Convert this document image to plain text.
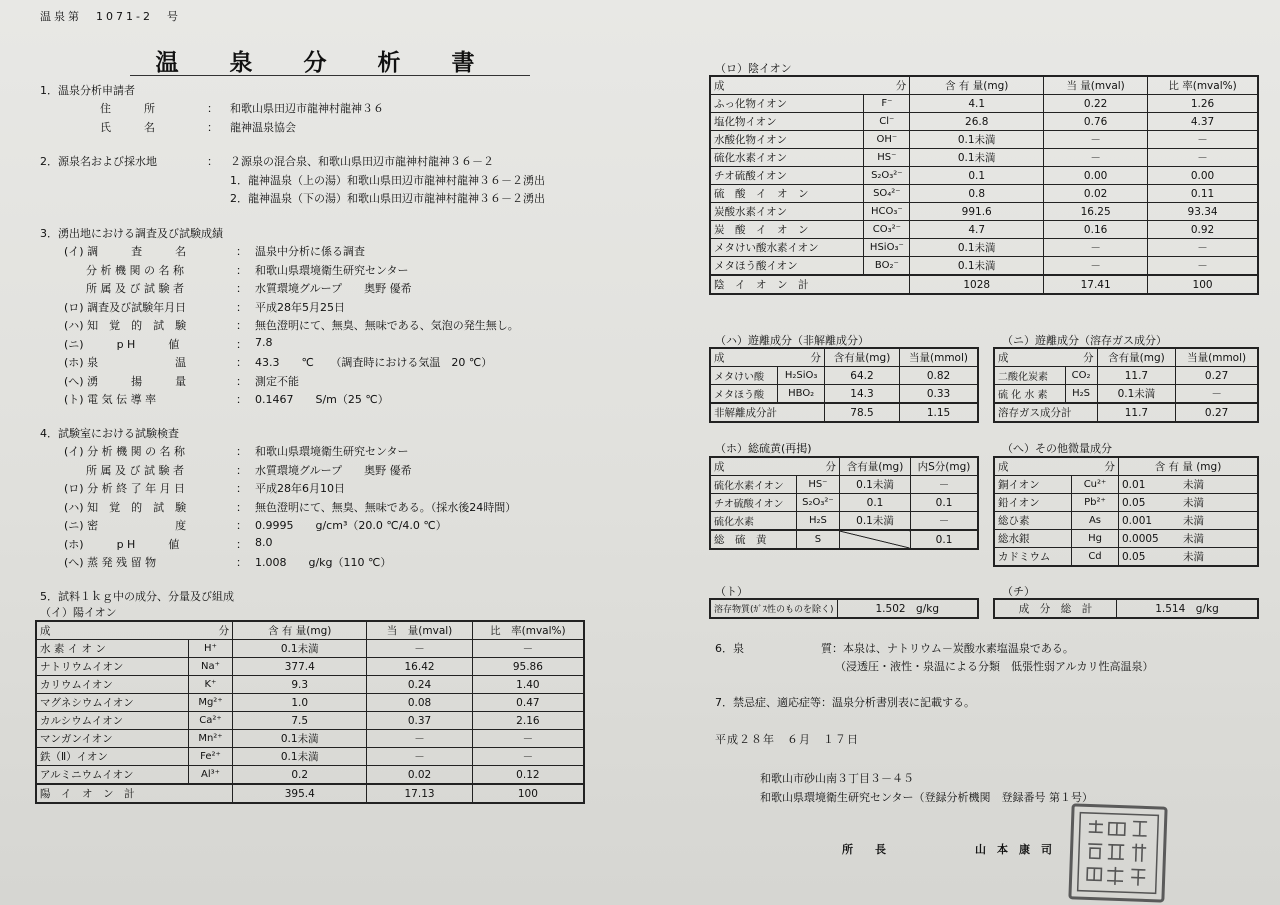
温泉第　1071-2　号
温 泉 分 析 書
1．温泉分析申請者
住　　　所	： 和歌山県田辺市龍神村龍神３６
氏　　　名	： 龍神温泉協会
2．源泉名および採水地	： ２源泉の混合泉、和歌山県田辺市龍神村龍神３６－２
1．龍神温泉（上の湯）和歌山県田辺市龍神村龍神３６－２湧出
2．龍神温泉（下の湯）和歌山県田辺市龍神村龍神３６－２湧出
3．湧出地における調査及び試験成績
(イ) 調　　　査　　　名	： 温泉中分析に係る調査
　　分 析 機 関 の 名 称	： 和歌山県環境衛生研究センター
　　所 属 及 び 試 験 者	： 水質環境グループ　　奥野 優希
(ロ) 調査及び試験年月日	： 平成28年5月25日
(ハ) 知　覚　的　試　験	： 無色澄明にて、無臭、無味である、気泡の発生無し。
(ニ)　　　p H　　　値	： 7.8
(ホ) 泉　　　　　　　温	： 43.3　　℃　　（調査時における気温　20 ℃）
(へ) 湧　　　揚　　　量	： 測定不能
(ト) 電 気 伝 導 率	： 0.1467　　S/m（25 ℃）
4．試験室における試験検査
(イ) 分 析 機 関 の 名 称	： 和歌山県環境衛生研究センター
　　所 属 及 び 試 験 者	： 水質環境グループ　　奥野 優希
(ロ) 分 析 終 了 年 月 日	： 平成28年6月10日
(ハ) 知　覚　的　試　験	： 無色澄明にて、無臭、無味である。（採水後24時間）
(ニ) 密　　　　　　　度	： 0.9995　　g/cm³（20.0 ℃/4.0 ℃）
(ホ)　　　p H　　　値	： 8.0
(へ) 蒸 発 残 留 物	： 1.008　　g/kg（110 ℃）
5．試料１ｋｇ中の成分、分量及び組成
（イ）陽イオン
成 分		含 有 量(mg)	当　量(mval)	比　率(mval%)
水 素 イ オ ン	H⁺	0.1未満	－	－
ナトリウムイオン	Na⁺	377.4	16.42	95.86
カリウムイオン	K⁺	9.3	0.24	1.40
マグネシウムイオン	Mg²⁺	1.0	0.08	0.47
カルシウムイオン	Ca²⁺	7.5	0.37	2.16
マンガンイオン	Mn²⁺	0.1未満	－	－
鉄（Ⅱ）イオン	Fe²⁺	0.1未満	－	－
アルミニウムイオン	Al³⁺	0.2	0.02	0.12
陽　イ　オ　ン　計		395.4	17.13	100
（ロ）陰イオン
成 分		含 有 量(mg)	当 量(mval)	比 率(mval%)
ふっ化物イオン	F⁻	4.1	0.22	1.26
塩化物イオン	Cl⁻	26.8	0.76	4.37
水酸化物イオン	OH⁻	0.1未満	－	－
硫化水素イオン	HS⁻	0.1未満	－	－
チオ硫酸イオン	S₂O₃²⁻	0.1	0.00	0.00
硫　酸　イ　オ　ン	SO₄²⁻	0.8	0.02	0.11
炭酸水素イオン	HCO₃⁻	991.6	16.25	93.34
炭　酸　イ　オ　ン	CO₃²⁻	4.7	0.16	0.92
メタけい酸水素イオン	HSiO₃⁻	0.1未満	－	－
メタほう酸イオン	BO₂⁻	0.1未満	－	－
陰　イ　オ　ン　計		1028	17.41	100
（ハ）遊離成分（非解離成分）
成 分		含有量(mg)	当量(mmol)
メタけい酸	H₂SiO₃	64.2	0.82
メタほう酸	HBO₂	14.3	0.33
非解離成分計		78.5	1.15
（ニ）遊離成分（溶存ガス成分）
成 分		含有量(mg)	当量(mmol)
二酸化炭素	CO₂	11.7	0.27
硫 化 水 素	H₂S	0.1未満	－
溶存ガス成分計		11.7	0.27
（ホ）総硫黄(再掲)
成 分		含有量(mg)	内S分(mg)
硫化水素イオン	HS⁻	0.1未満	－
チオ硫酸イオン	S₂O₃²⁻	0.1	0.1
硫化水素	H₂S	0.1未満	－
総　硫　黄	S		0.1
（へ）その他微量成分
成 分		含 有 量 (mg)	
銅イオン	Cu²⁺	0.01	未満
鉛イオン	Pb²⁺	0.05	未満
総ひ素	As	0.001	未満
総水銀	Hg	0.0005	未満
カドミウム	Cd	0.05	未満
（ト）
溶存物質(ｶﾞｽ性のものを除く)	1.502　g/kg
（チ）
成　分　総　計	1.514　g/kg
6．泉　　　　　　　質：本泉は、ナトリウム－炭酸水素塩温泉である。
（浸透圧・液性・泉温による分類　低張性弱アルカリ性高温泉）
7．禁忌症、適応症等：温泉分析書別表に記載する。
平成２８年　６月　１７日
和歌山市砂山南３丁目３－４５
和歌山県環境衛生研究センター（登録分析機関　登録番号 第１号）
所　　長	山　本　康　司
